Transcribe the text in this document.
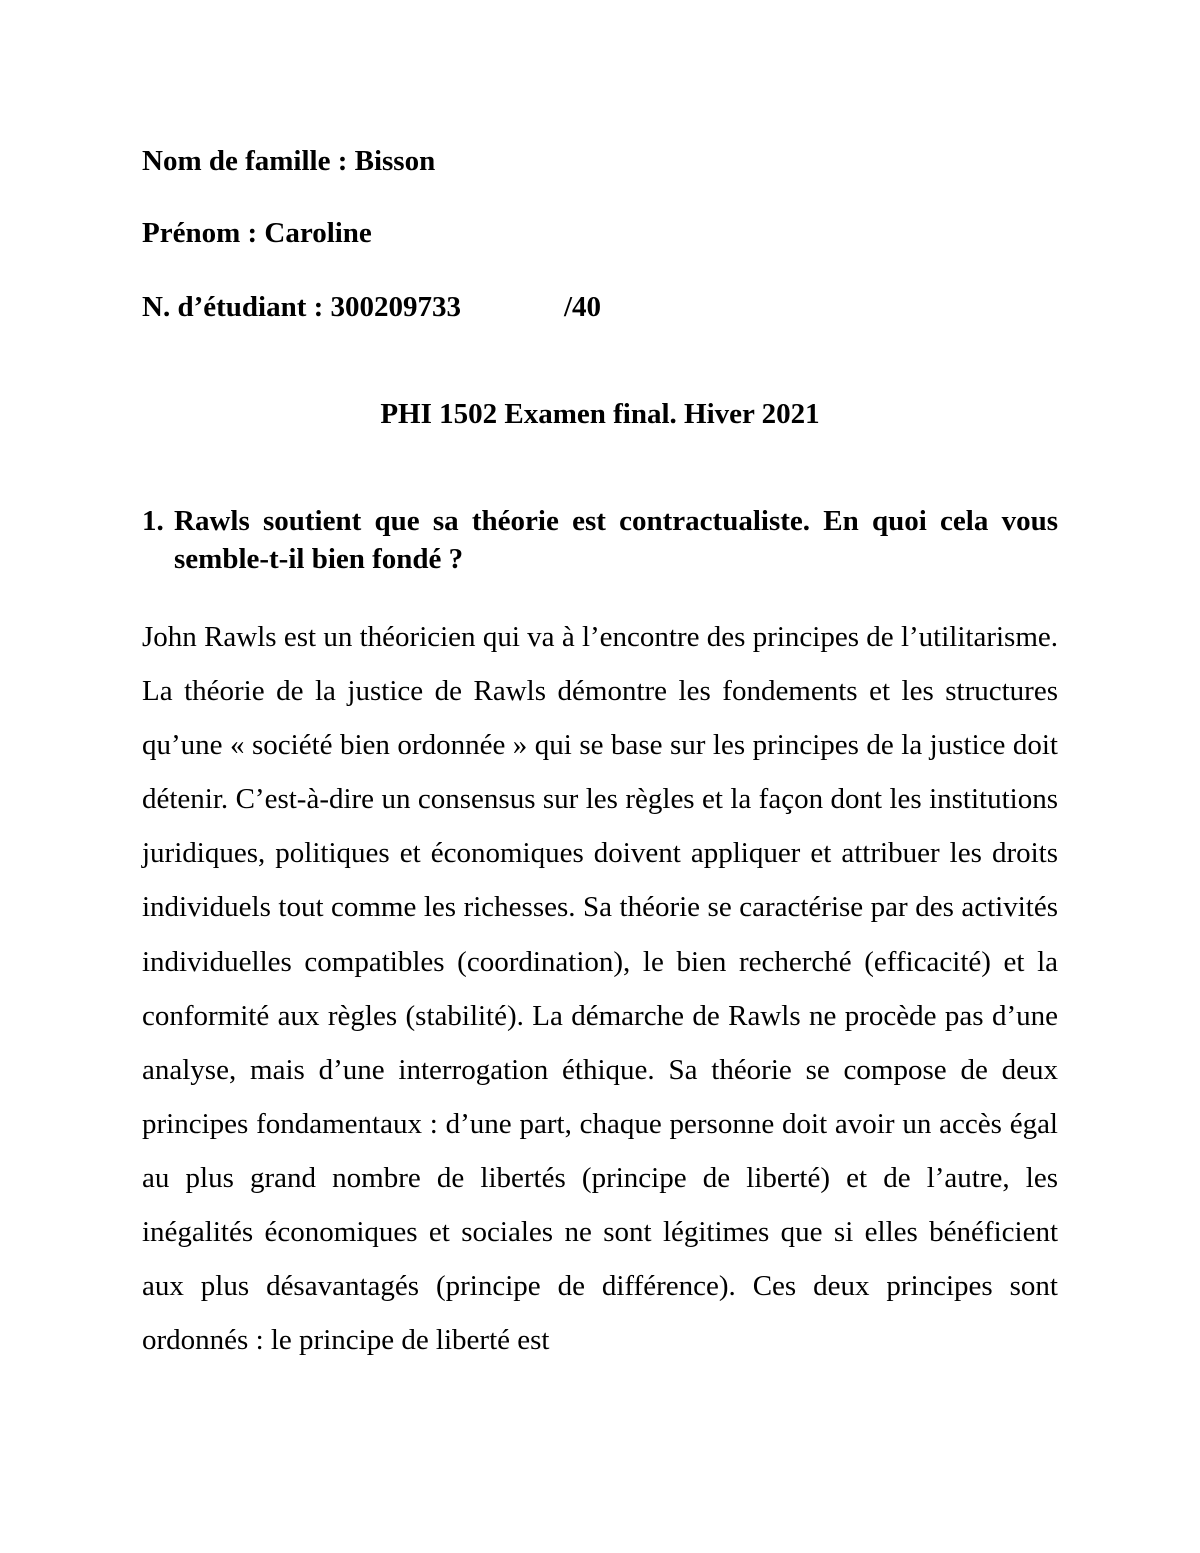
Nom de famille : Bisson
Prénom : Caroline
N. d’étudiant : 300209733	/40
PHI 1502 Examen final. Hiver 2021
1. Rawls soutient que sa théorie est contractualiste. En quoi cela vous semble-t-il bien fondé ?

John Rawls est un théoricien qui va à l’encontre des principes de l’utilitarisme. La théorie de la justice de Rawls démontre les fondements et les structures qu’une « société bien ordonnée » qui se base sur les principes de la justice doit détenir. C’est-à-dire un consensus sur les règles et la façon dont les institutions juridiques, politiques et économiques doivent appliquer et attribuer les droits individuels tout comme les richesses. Sa théorie se caractérise par des activités individuelles compatibles (coordination), le bien recherché (efficacité) et la conformité aux règles (stabilité). La démarche de Rawls ne procède pas d’une analyse, mais d’une interrogation éthique. Sa théorie se compose de deux principes fondamentaux : d’une part, chaque personne doit avoir un accès égal au plus grand nombre de libertés (principe de liberté) et de l’autre, les inégalités économiques et sociales ne sont légitimes que si elles bénéficient aux plus désavantagés (principe de différence). Ces deux principes sont ordonnés : le principe de liberté est
